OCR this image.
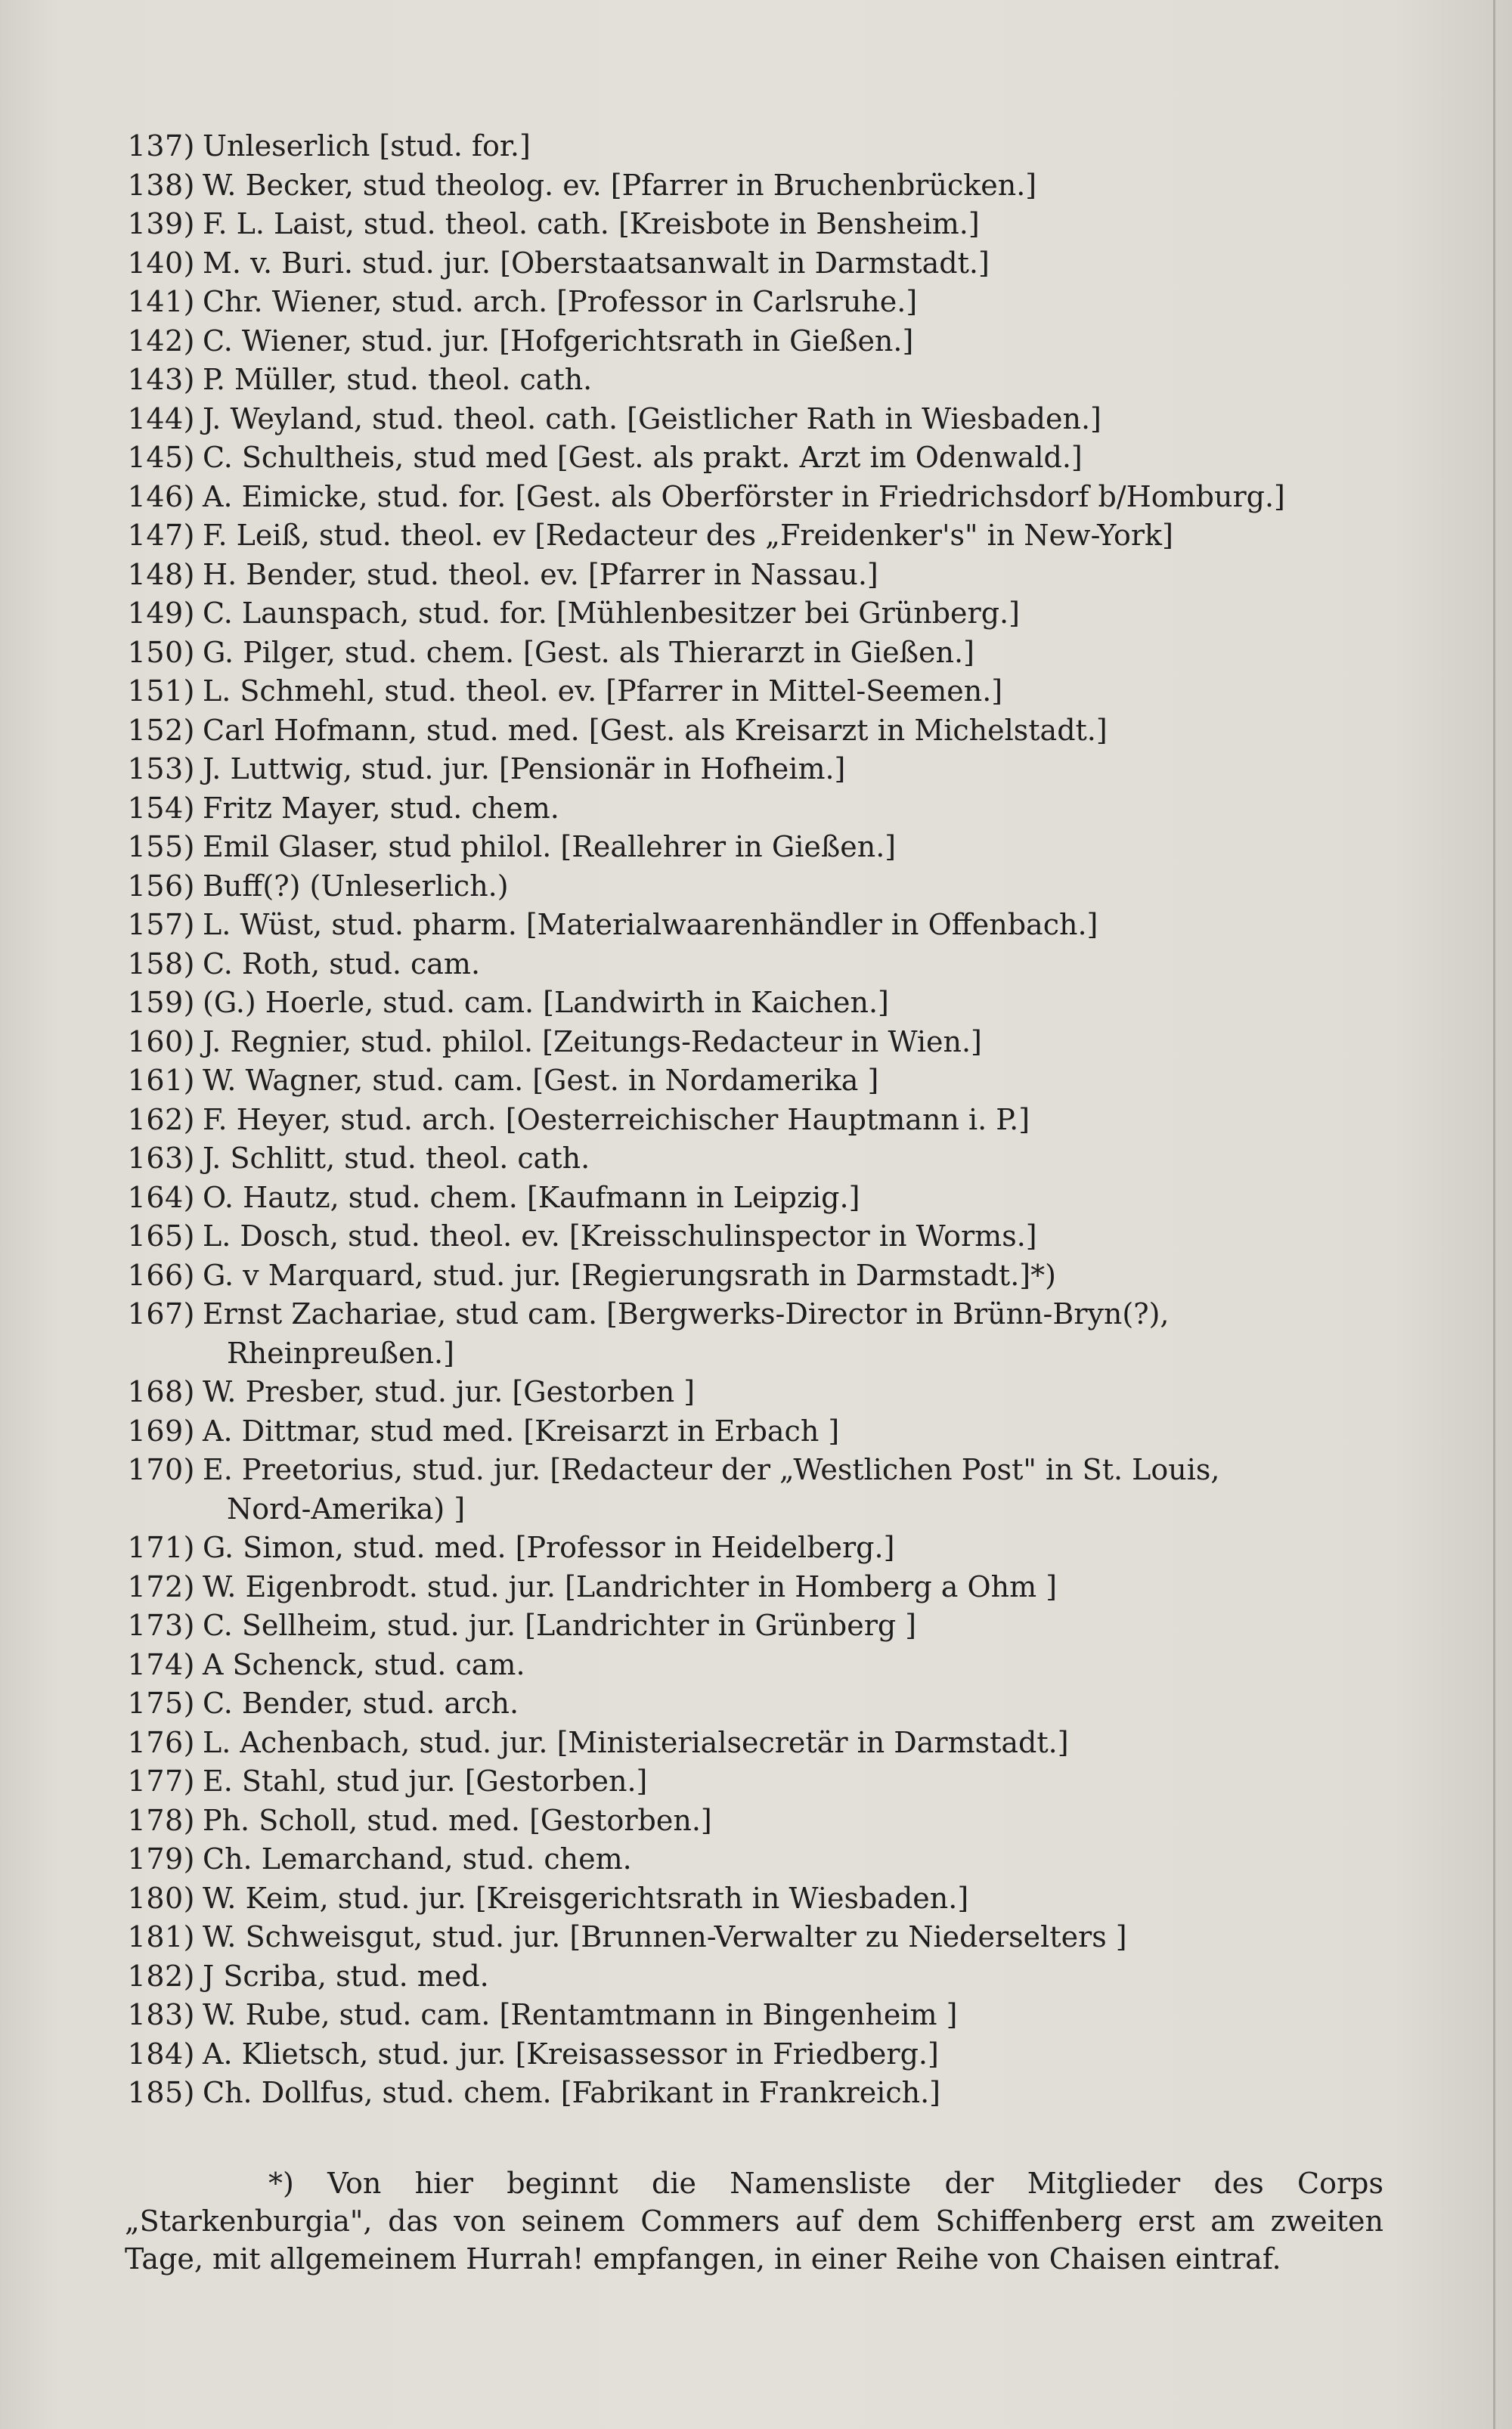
137) Unleserlich [stud. for.]
138) W. Becker, stud theolog. ev. [Pfarrer in Bruchenbrücken.]
139) F. L. Laist, stud. theol. cath. [Kreisbote in Bensheim.]
140) M. v. Buri. stud. jur. [Oberstaatsanwalt in Darmstadt.]
141) Chr. Wiener, stud. arch. [Professor in Carlsruhe.]
142) C. Wiener, stud. jur. [Hofgerichtsrath in Gießen.]
143) P. Müller, stud. theol. cath.
144) J. Weyland, stud. theol. cath. [Geistlicher Rath in Wiesbaden.]
145) C. Schultheis, stud med [Gest. als prakt. Arzt im Odenwald.]
146) A. Eimicke, stud. for. [Gest. als Oberförster in Friedrichsdorf b/Homburg.]
147) F. Leiß, stud. theol. ev [Redacteur des „Freidenker's" in New-York]
148) H. Bender, stud. theol. ev. [Pfarrer in Nassau.]
149) C. Launspach, stud. for. [Mühlenbesitzer bei Grünberg.]
150) G. Pilger, stud. chem. [Gest. als Thierarzt in Gießen.]
151) L. Schmehl, stud. theol. ev. [Pfarrer in Mittel-Seemen.]
152) Carl Hofmann, stud. med. [Gest. als Kreisarzt in Michelstadt.]
153) J. Luttwig, stud. jur. [Pensionär in Hofheim.]
154) Fritz Mayer, stud. chem.
155) Emil Glaser, stud philol. [Reallehrer in Gießen.]
156) Buff(?) (Unleserlich.)
157) L. Wüst, stud. pharm. [Materialwaarenhändler in Offenbach.]
158) C. Roth, stud. cam.
159) (G.) Hoerle, stud. cam. [Landwirth in Kaichen.]
160) J. Regnier, stud. philol. [Zeitungs-Redacteur in Wien.]
161) W. Wagner, stud. cam. [Gest. in Nordamerika ]
162) F. Heyer, stud. arch. [Oesterreichischer Hauptmann i. P.]
163) J. Schlitt, stud. theol. cath.
164) O. Hautz, stud. chem. [Kaufmann in Leipzig.]
165) L. Dosch, stud. theol. ev. [Kreisschulinspector in Worms.]
166) G. v Marquard, stud. jur. [Regierungsrath in Darmstadt.]*)
167) Ernst Zachariae, stud cam. [Bergwerks-Director in Brünn-Bryn(?),
Rheinpreußen.]
168) W. Presber, stud. jur. [Gestorben ]
169) A. Dittmar, stud med. [Kreisarzt in Erbach ]
170) E. Preetorius, stud. jur. [Redacteur der „Westlichen Post" in St. Louis,
Nord-Amerika) ]
171) G. Simon, stud. med. [Professor in Heidelberg.]
172) W. Eigenbrodt. stud. jur. [Landrichter in Homberg a Ohm ]
173) C. Sellheim, stud. jur. [Landrichter in Grünberg ]
174) A Schenck, stud. cam.
175) C. Bender, stud. arch.
176) L. Achenbach, stud. jur. [Ministerialsecretär in Darmstadt.]
177) E. Stahl, stud jur. [Gestorben.]
178) Ph. Scholl, stud. med. [Gestorben.]
179) Ch. Lemarchand, stud. chem.
180) W. Keim, stud. jur. [Kreisgerichtsrath in Wiesbaden.]
181) W. Schweisgut, stud. jur. [Brunnen-Verwalter zu Niederselters ]
182) J Scriba, stud. med.
183) W. Rube, stud. cam. [Rentamtmann in Bingenheim ]
184) A. Klietsch, stud. jur. [Kreisassessor in Friedberg.]
185) Ch. Dollfus, stud. chem. [Fabrikant in Frankreich.]

*) Von hier beginnt die Namensliste der Mitglieder des Corps „Starkenburgia", das von seinem Commers auf dem Schiffenberg erst am zweiten Tage, mit allgemeinem Hurrah! empfangen, in einer Reihe von Chaisen eintraf.
